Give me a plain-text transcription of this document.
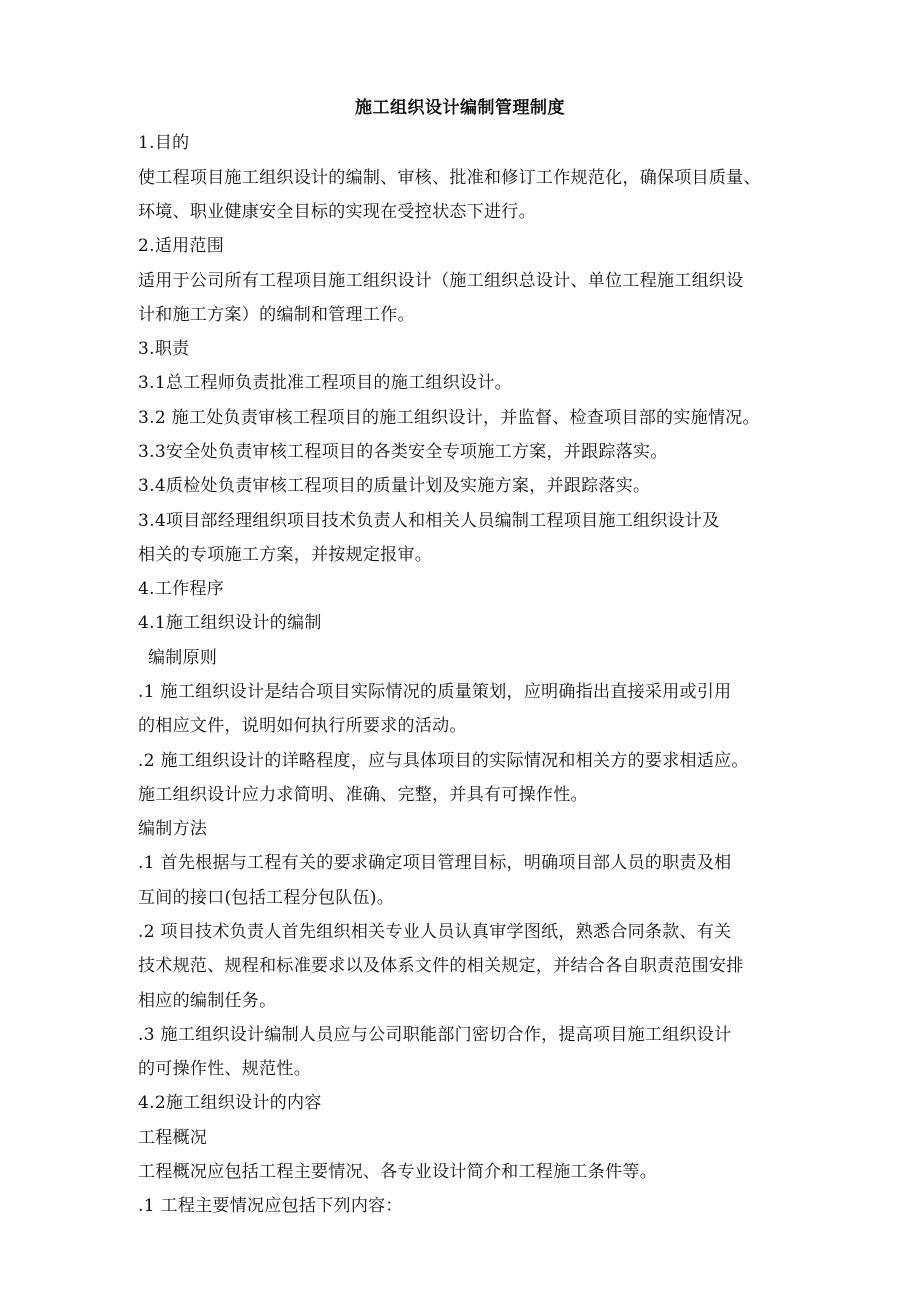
施工组织设计编制管理制度
1.目的
使工程项目施工组织设计的编制、审核、批准和修订工作规范化，确保项目质量、
环境、职业健康安全目标的实现在受控状态下进行。
2.适用范围
适用于公司所有工程项目施工组织设计（施工组织总设计、单位工程施工组织设
计和施工方案）的编制和管理工作。
3.职责
3.1总工程师负责批准工程项目的施工组织设计。
3.2 施工处负责审核工程项目的施工组织设计，并监督、检查项目部的实施情况。
3.3安全处负责审核工程项目的各类安全专项施工方案，并跟踪落实。
3.4质检处负责审核工程项目的质量计划及实施方案，并跟踪落实。
3.4项目部经理组织项目技术负责人和相关人员编制工程项目施工组织设计及
相关的专项施工方案，并按规定报审。
4.工作程序
4.1施工组织设计的编制
编制原则
.1 施工组织设计是结合项目实际情况的质量策划，应明确指出直接采用或引用
的相应文件，说明如何执行所要求的活动。
.2 施工组织设计的详略程度，应与具体项目的实际情况和相关方的要求相适应。
施工组织设计应力求简明、准确、完整，并具有可操作性。
编制方法
.1 首先根据与工程有关的要求确定项目管理目标，明确项目部人员的职责及相
互间的接口(包括工程分包队伍)。
.2 项目技术负责人首先组织相关专业人员认真审学图纸，熟悉合同条款、有关
技术规范、规程和标准要求以及体系文件的相关规定，并结合各自职责范围安排
相应的编制任务。
.3 施工组织设计编制人员应与公司职能部门密切合作，提高项目施工组织设计
的可操作性、规范性。
4.2施工组织设计的内容
工程概况
工程概况应包括工程主要情况、各专业设计简介和工程施工条件等。
.1 工程主要情况应包括下列内容：
